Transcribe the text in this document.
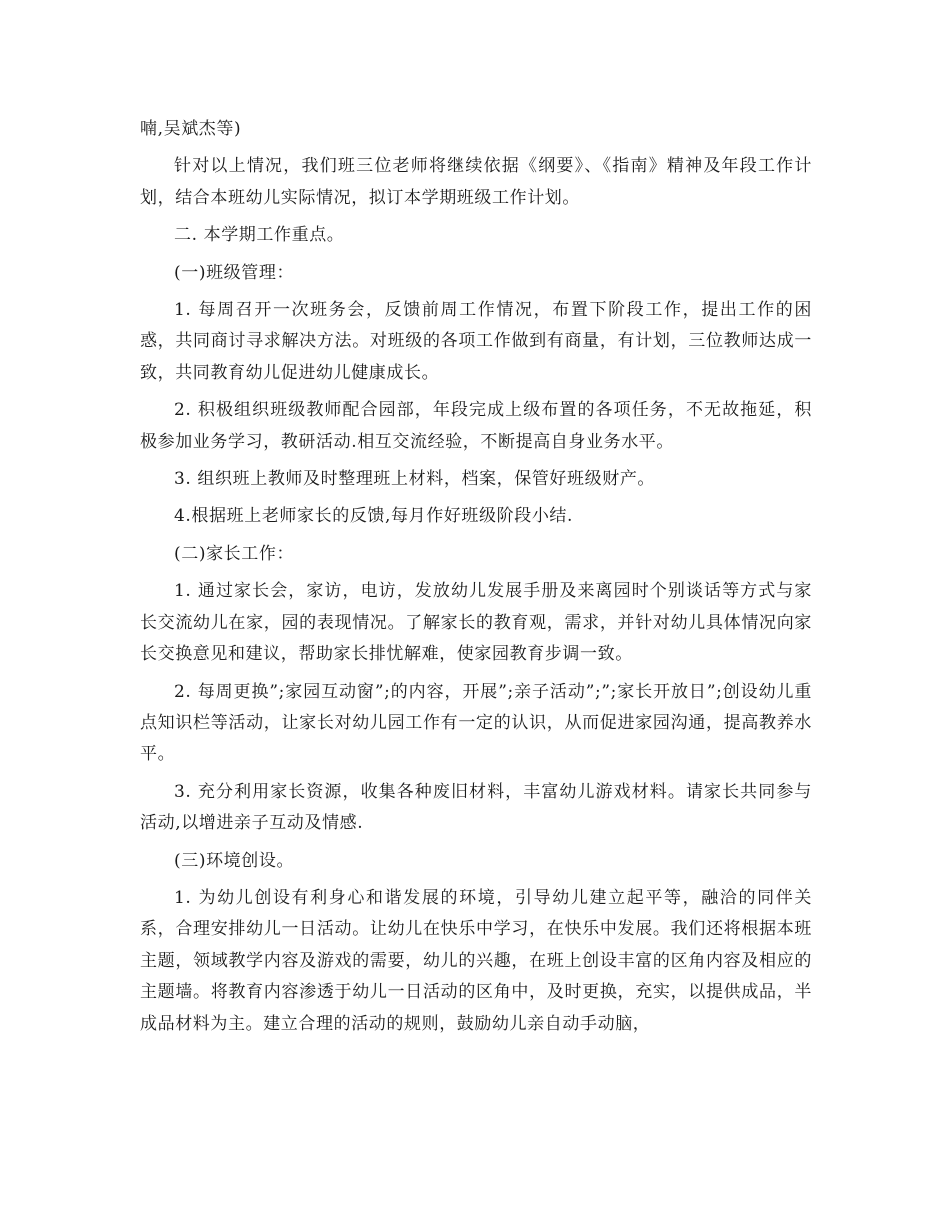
喃,吴斌杰等)

针对以上情况，我们班三位老师将继续依据《纲要》、《指南》精神及年段工作计划，结合本班幼儿实际情况，拟订本学期班级工作计划。

二. 本学期工作重点。

(一)班级管理：

1. 每周召开一次班务会，反馈前周工作情况，布置下阶段工作，提出工作的困惑，共同商讨寻求解决方法。对班级的各项工作做到有商量，有计划，三位教师达成一致，共同教育幼儿促进幼儿健康成长。

2. 积极组织班级教师配合园部，年段完成上级布置的各项任务，不无故拖延，积极参加业务学习，教研活动.相互交流经验，不断提高自身业务水平。

3. 组织班上教师及时整理班上材料，档案，保管好班级财产。

4.根据班上老师家长的反馈,每月作好班级阶段小结.

(二)家长工作：

1. 通过家长会，家访，电访，发放幼儿发展手册及来离园时个别谈话等方式与家长交流幼儿在家，园的表现情况。了解家长的教育观，需求，并针对幼儿具体情况向家长交换意见和建议，帮助家长排忧解难，使家园教育步调一致。

2. 每周更换”;家园互动窗”;的内容，开展”;亲子活动”;”;家长开放日”;创设幼儿重点知识栏等活动，让家长对幼儿园工作有一定的认识，从而促进家园沟通，提高教养水平。

3. 充分利用家长资源，收集各种废旧材料，丰富幼儿游戏材料。请家长共同参与活动,以增进亲子互动及情感.

(三)环境创设。

1. 为幼儿创设有利身心和谐发展的环境，引导幼儿建立起平等，融洽的同伴关系，合理安排幼儿一日活动。让幼儿在快乐中学习，在快乐中发展。我们还将根据本班主题，领域教学内容及游戏的需要，幼儿的兴趣，在班上创设丰富的区角内容及相应的主题墙。将教育内容渗透于幼儿一日活动的区角中，及时更换，充实，以提供成品，半成品材料为主。建立合理的活动的规则，鼓励幼儿亲自动手动脑，
